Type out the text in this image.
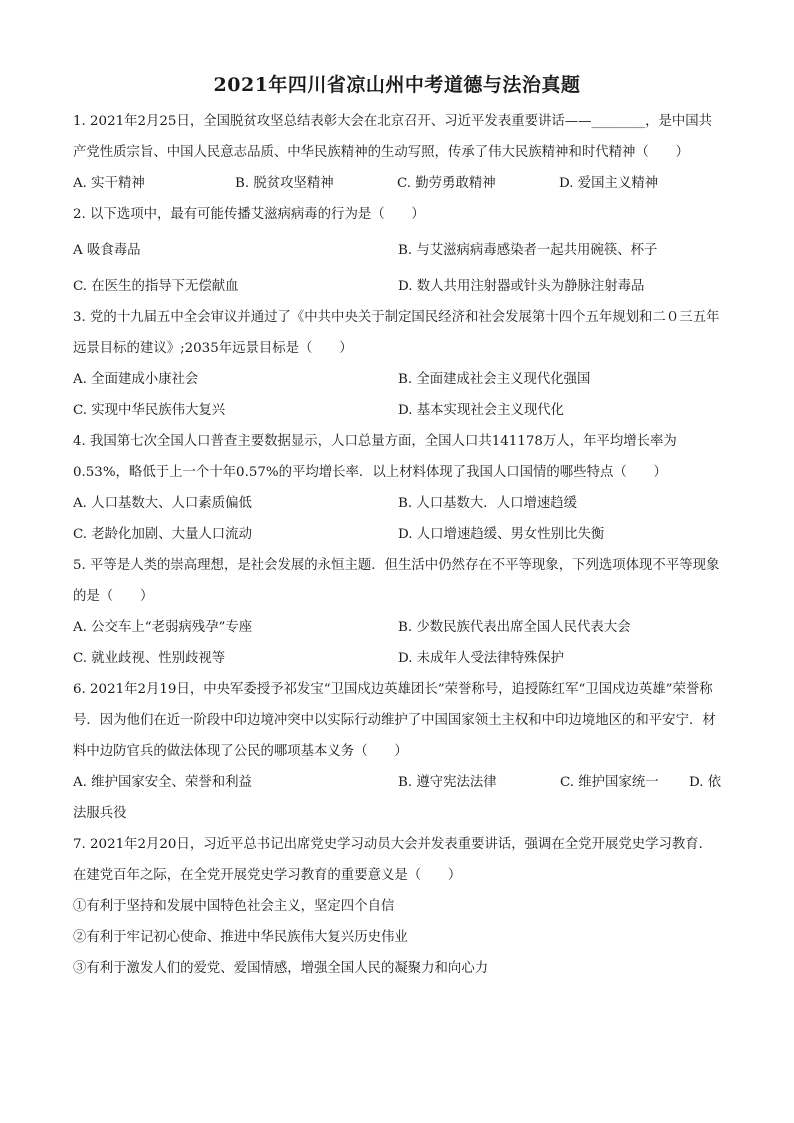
2021年四川省凉山州中考道德与法治真题

1. 2021年2月25日，全国脱贫攻坚总结表彰大会在北京召开、习近平发表重要讲话——________，是中国共产党性质宗旨、中国人民意志品质、中华民族精神的生动写照，传承了伟大民族精神和时代精神（　　）

A. 实干精神	B. 脱贫攻坚精神	C. 勤劳勇敢精神	D. 爱国主义精神

2. 以下选项中，最有可能传播艾滋病病毒的行为是（　　）

A 吸食毒品	B. 与艾滋病病毒感染者一起共用碗筷、杯子
C. 在医生的指导下无偿献血	D. 数人共用注射器或针头为静脉注射毒品

3. 党的十九届五中全会审议并通过了《中共中央关于制定国民经济和社会发展第十四个五年规划和二０三五年远景目标的建议》;2035年远景目标是（　　）

A. 全面建成小康社会	B. 全面建成社会主义现代化强国
C. 实现中华民族伟大复兴	D. 基本实现社会主义现代化

4. 我国第七次全国人口普查主要数据显示，人口总量方面，全国人口共141178万人，年平均增长率为0.53%，略低于上一个十年0.57%的平均增长率．以上材料体现了我国人口国情的哪些特点（　　）

A. 人口基数大、人口素质偏低	B. 人口基数大．人口增速趋缓
C. 老龄化加剧、大量人口流动	D. 人口增速趋缓、男女性别比失衡

5. 平等是人类的崇高理想，是社会发展的永恒主题．但生活中仍然存在不平等现象，下列选项体现不平等现象的是（　　）

A. 公交车上“老弱病残孕”专座	B. 少数民族代表出席全国人民代表大会
C. 就业歧视、性别歧视等	D. 未成年人受法律特殊保护

6. 2021年2月19日，中央军委授予祁发宝“卫国戍边英雄团长”荣誉称号，追授陈红军“卫国戍边英雄”荣誉称号．因为他们在近一阶段中印边境冲突中以实际行动维护了中国国家领土主权和中印边境地区的和平安宁．材料中边防官兵的做法体现了公民的哪项基本义务（　　）

A. 维护国家安全、荣誉和利益	B. 遵守宪法法律	C. 维护国家统一 D. 依法服兵役

7. 2021年2月20日，习近平总书记出席党史学习动员大会并发表重要讲话，强调在全党开展党史学习教育．在建党百年之际，在全党开展党史学习教育的重要意义是（　　）

①有利于坚持和发展中国特色社会主义，坚定四个自信
②有利于牢记初心使命、推进中华民族伟大复兴历史伟业
③有利于激发人们的爱党、爱国情感，增强全国人民的凝聚力和向心力
